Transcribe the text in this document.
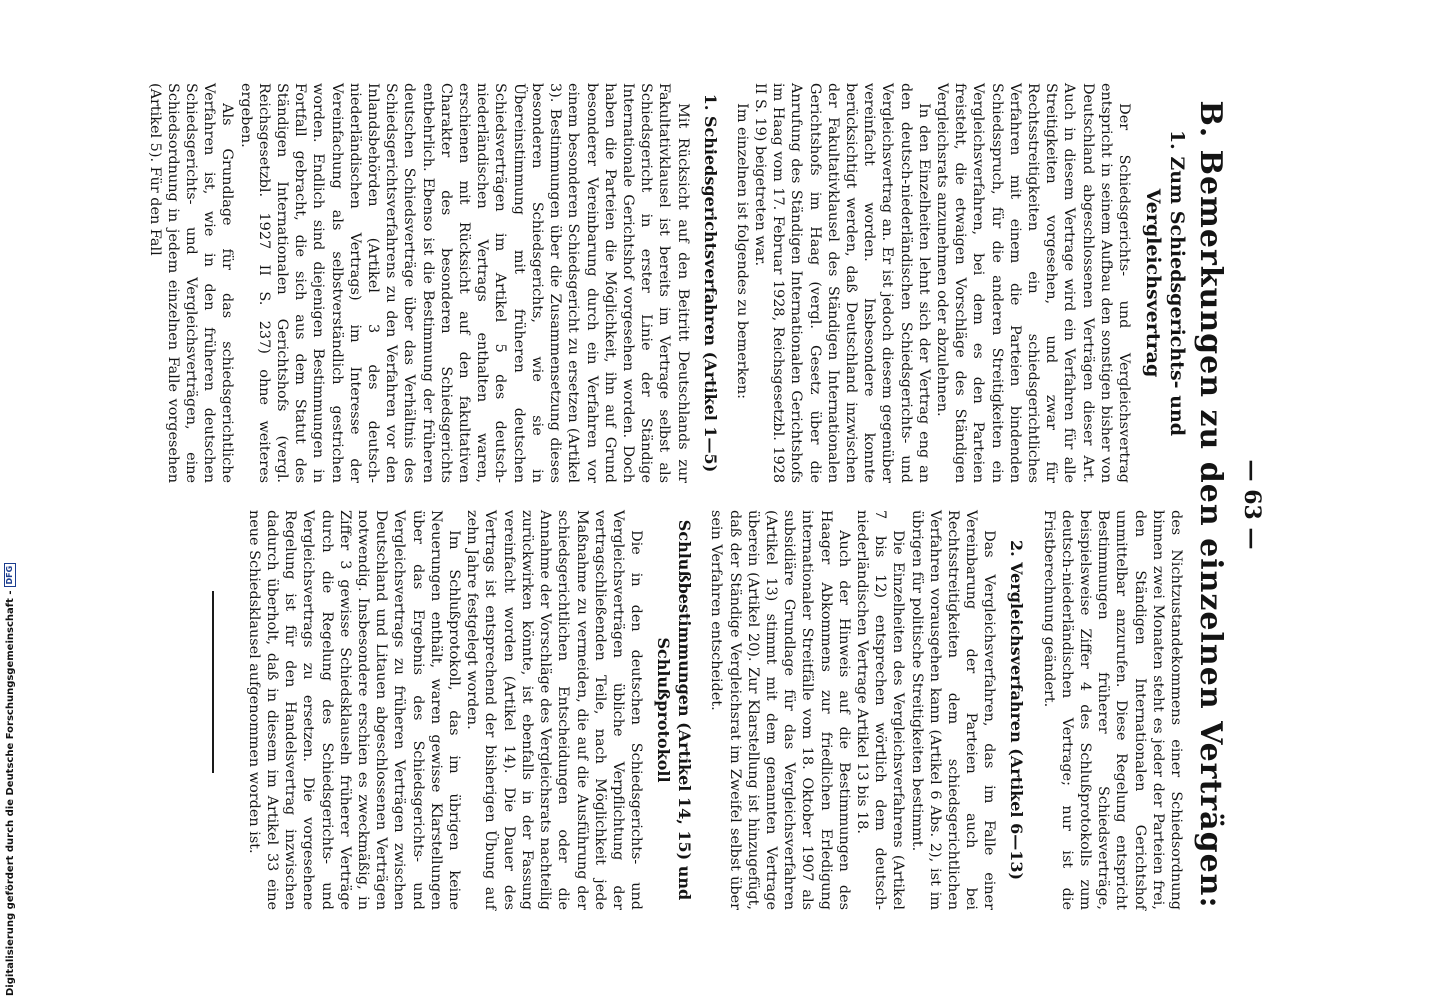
— 63 —
B. Bemerkungen zu den einzelnen Verträgen:
1. Zum Schiedsgerichts- und Vergleichsvertrag

Der Schiedsgerichts- und Vergleichsvertrag entspricht in seinem Aufbau den sonstigen bisher von Deutschland abgeschlossenen Verträgen dieser Art. Auch in diesem Vertrage wird ein Verfahren für alle Streitigkeiten vorgesehen, und zwar für Rechtsstreitigkeiten ein schiedsgerichtliches Verfahren mit einem die Parteien bindenden Schiedsspruch, für die anderen Streitigkeiten ein Vergleichsverfahren, bei dem es den Parteien freisteht, die etwaigen Vorschläge des Ständigen Vergleichsrats anzunehmen oder abzulehnen.

In den Einzelheiten lehnt sich der Vertrag eng an den deutsch-niederländischen Schiedsgerichts- und Vergleichsvertrag an. Er ist jedoch diesem gegenüber vereinfacht worden. Insbesondere konnte berücksichtigt werden, daß Deutschland inzwischen der Fakultativklausel des Ständigen Internationalen Gerichtshofs im Haag (vergl. Gesetz über die Anrufung des Ständigen Internationalen Gerichtshofs im Haag vom 17. Februar 1928, Reichsgesetzbl. 1928 II S. 19) beigetreten war.

Im einzelnen ist folgendes zu bemerken:

1. Schiedsgerichtsverfahren (Artikel 1—5)

Mit Rücksicht auf den Beitritt Deutschlands zur Fakultativklausel ist bereits im Vertrage selbst als Schiedsgericht in erster Linie der Ständige Internationale Gerichtshof vorgesehen worden. Doch haben die Parteien die Möglichkeit, ihn auf Grund besonderer Vereinbarung durch ein Verfahren vor einem besonderen Schiedsgericht zu ersetzen (Artikel 3). Bestimmungen über die Zusammensetzung dieses besonderen Schiedsgerichts, wie sie in Übereinstimmung mit früheren deutschen Schiedsverträgen im Artikel 5 des deutsch-niederländischen Vertrags enthalten waren, erschienen mit Rücksicht auf den fakultativen Charakter des besonderen Schiedsgerichts entbehrlich. Ebenso ist die Bestimmung der früheren deutschen Schiedsverträge über das Verhältnis des Schiedsgerichtsverfahrens zu den Verfahren vor den Inlandsbehörden (Artikel 3 des deutsch-niederländischen Vertrags) im Interesse der Vereinfachung als selbstverständlich gestrichen worden. Endlich sind diejenigen Bestimmungen in Fortfall gebracht, die sich aus dem Statut des Ständigen Internationalen Gerichtshofs (vergl. Reichsgesetzbl. 1927 II S. 237) ohne weiteres ergeben.

Als Grundlage für das schiedsgerichtliche Verfahren ist, wie in den früheren deutschen Schiedsgerichts- und Vergleichsverträgen, eine Schiedsordnung in jedem einzelnen Falle vorgesehen (Artikel 5). Für den Fall

des Nichtzustandekommens einer Schiedsordnung binnen zwei Monaten steht es jeder der Parteien frei, den Ständigen Internationalen Gerichtshof unmittelbar anzurufen. Diese Regelung entspricht Bestimmungen früherer Schiedsverträge, beispielsweise Ziffer 4 des Schlußprotokolls zum deutsch-niederländischen Vertrage; nur ist die Fristberechnung geändert.

2. Vergleichsverfahren (Artikel 6—13)

Das Vergleichsverfahren, das im Falle einer Vereinbarung der Parteien auch bei Rechtsstreitigkeiten dem schiedsgerichtlichen Verfahren vorausgehen kann (Artikel 6 Abs. 2), ist im übrigen für politische Streitigkeiten bestimmt.

Die Einzelheiten des Vergleichsverfahrens (Artikel 7 bis 12) entsprechen wörtlich dem deutsch-niederländischen Vertrage Artikel 13 bis 18.

Auch der Hinweis auf die Bestimmungen des Haager Abkommens zur friedlichen Erledigung internationaler Streitfälle vom 18. Oktober 1907 als subsidiäre Grundlage für das Vergleichsverfahren (Artikel 13) stimmt mit dem genannten Vertrage überein (Artikel 20). Zur Klarstellung ist hinzugefügt, daß der Ständige Vergleichsrat im Zweifel selbst über sein Verfahren entscheidet.

Schlußbestimmungen (Artikel 14, 15) und Schlußprotokoll

Die in den deutschen Schiedsgerichts- und Vergleichsverträgen übliche Verpflichtung der vertragschließenden Teile, nach Möglichkeit jede Maßnahme zu vermeiden, die auf die Ausführung der schiedsgerichtlichen Entscheidungen oder die Annahme der Vorschläge des Vergleichsrats nachteilig zurückwirken könnte, ist ebenfalls in der Fassung vereinfacht worden (Artikel 14). Die Dauer des Vertrags ist entsprechend der bisherigen Übung auf zehn Jahre festgelegt worden.

Im Schlußprotokoll, das im übrigen keine Neuerungen enthält, waren gewisse Klarstellungen über das Ergebnis des Schiedsgerichts- und Vergleichsvertrags zu früheren Verträgen zwischen Deutschland und Litauen abgeschlossenen Verträgen notwendig. Insbesondere erschien es zweckmäßig, in Ziffer 3 gewisse Schiedsklauseln früherer Verträge durch die Regelung des Schiedsgerichts- und Vergleichsvertrags zu ersetzen. Die vorgesehene Regelung ist für den Handelsvertrag inzwischen dadurch überholt, daß in diesem im Artikel 33 eine neue Schiedsklausel aufgenommen worden ist.

Digitalisierung gefördert durch die Deutsche Forschungsgemeinschaft -
DFG
